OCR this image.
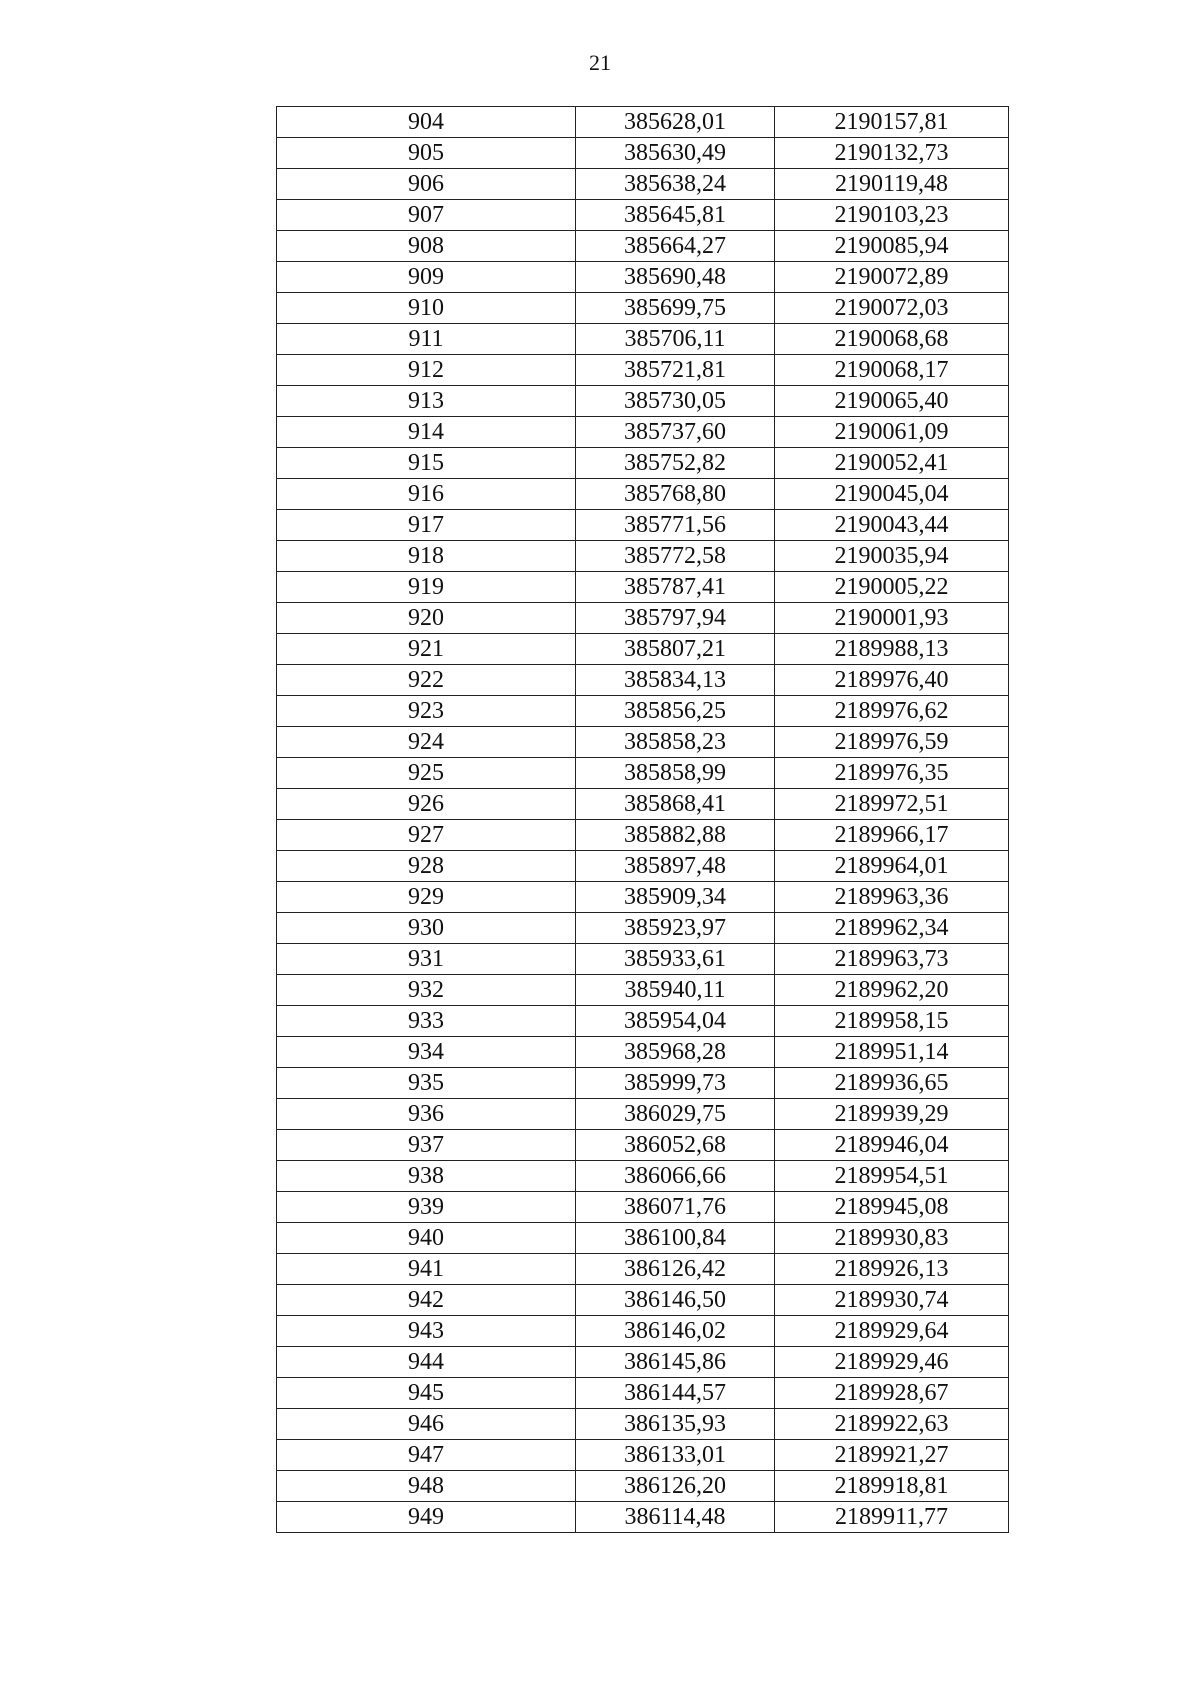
21
904	385628,01	2190157,81
905	385630,49	2190132,73
906	385638,24	2190119,48
907	385645,81	2190103,23
908	385664,27	2190085,94
909	385690,48	2190072,89
910	385699,75	2190072,03
911	385706,11	2190068,68
912	385721,81	2190068,17
913	385730,05	2190065,40
914	385737,60	2190061,09
915	385752,82	2190052,41
916	385768,80	2190045,04
917	385771,56	2190043,44
918	385772,58	2190035,94
919	385787,41	2190005,22
920	385797,94	2190001,93
921	385807,21	2189988,13
922	385834,13	2189976,40
923	385856,25	2189976,62
924	385858,23	2189976,59
925	385858,99	2189976,35
926	385868,41	2189972,51
927	385882,88	2189966,17
928	385897,48	2189964,01
929	385909,34	2189963,36
930	385923,97	2189962,34
931	385933,61	2189963,73
932	385940,11	2189962,20
933	385954,04	2189958,15
934	385968,28	2189951,14
935	385999,73	2189936,65
936	386029,75	2189939,29
937	386052,68	2189946,04
938	386066,66	2189954,51
939	386071,76	2189945,08
940	386100,84	2189930,83
941	386126,42	2189926,13
942	386146,50	2189930,74
943	386146,02	2189929,64
944	386145,86	2189929,46
945	386144,57	2189928,67
946	386135,93	2189922,63
947	386133,01	2189921,27
948	386126,20	2189918,81
949	386114,48	2189911,77
